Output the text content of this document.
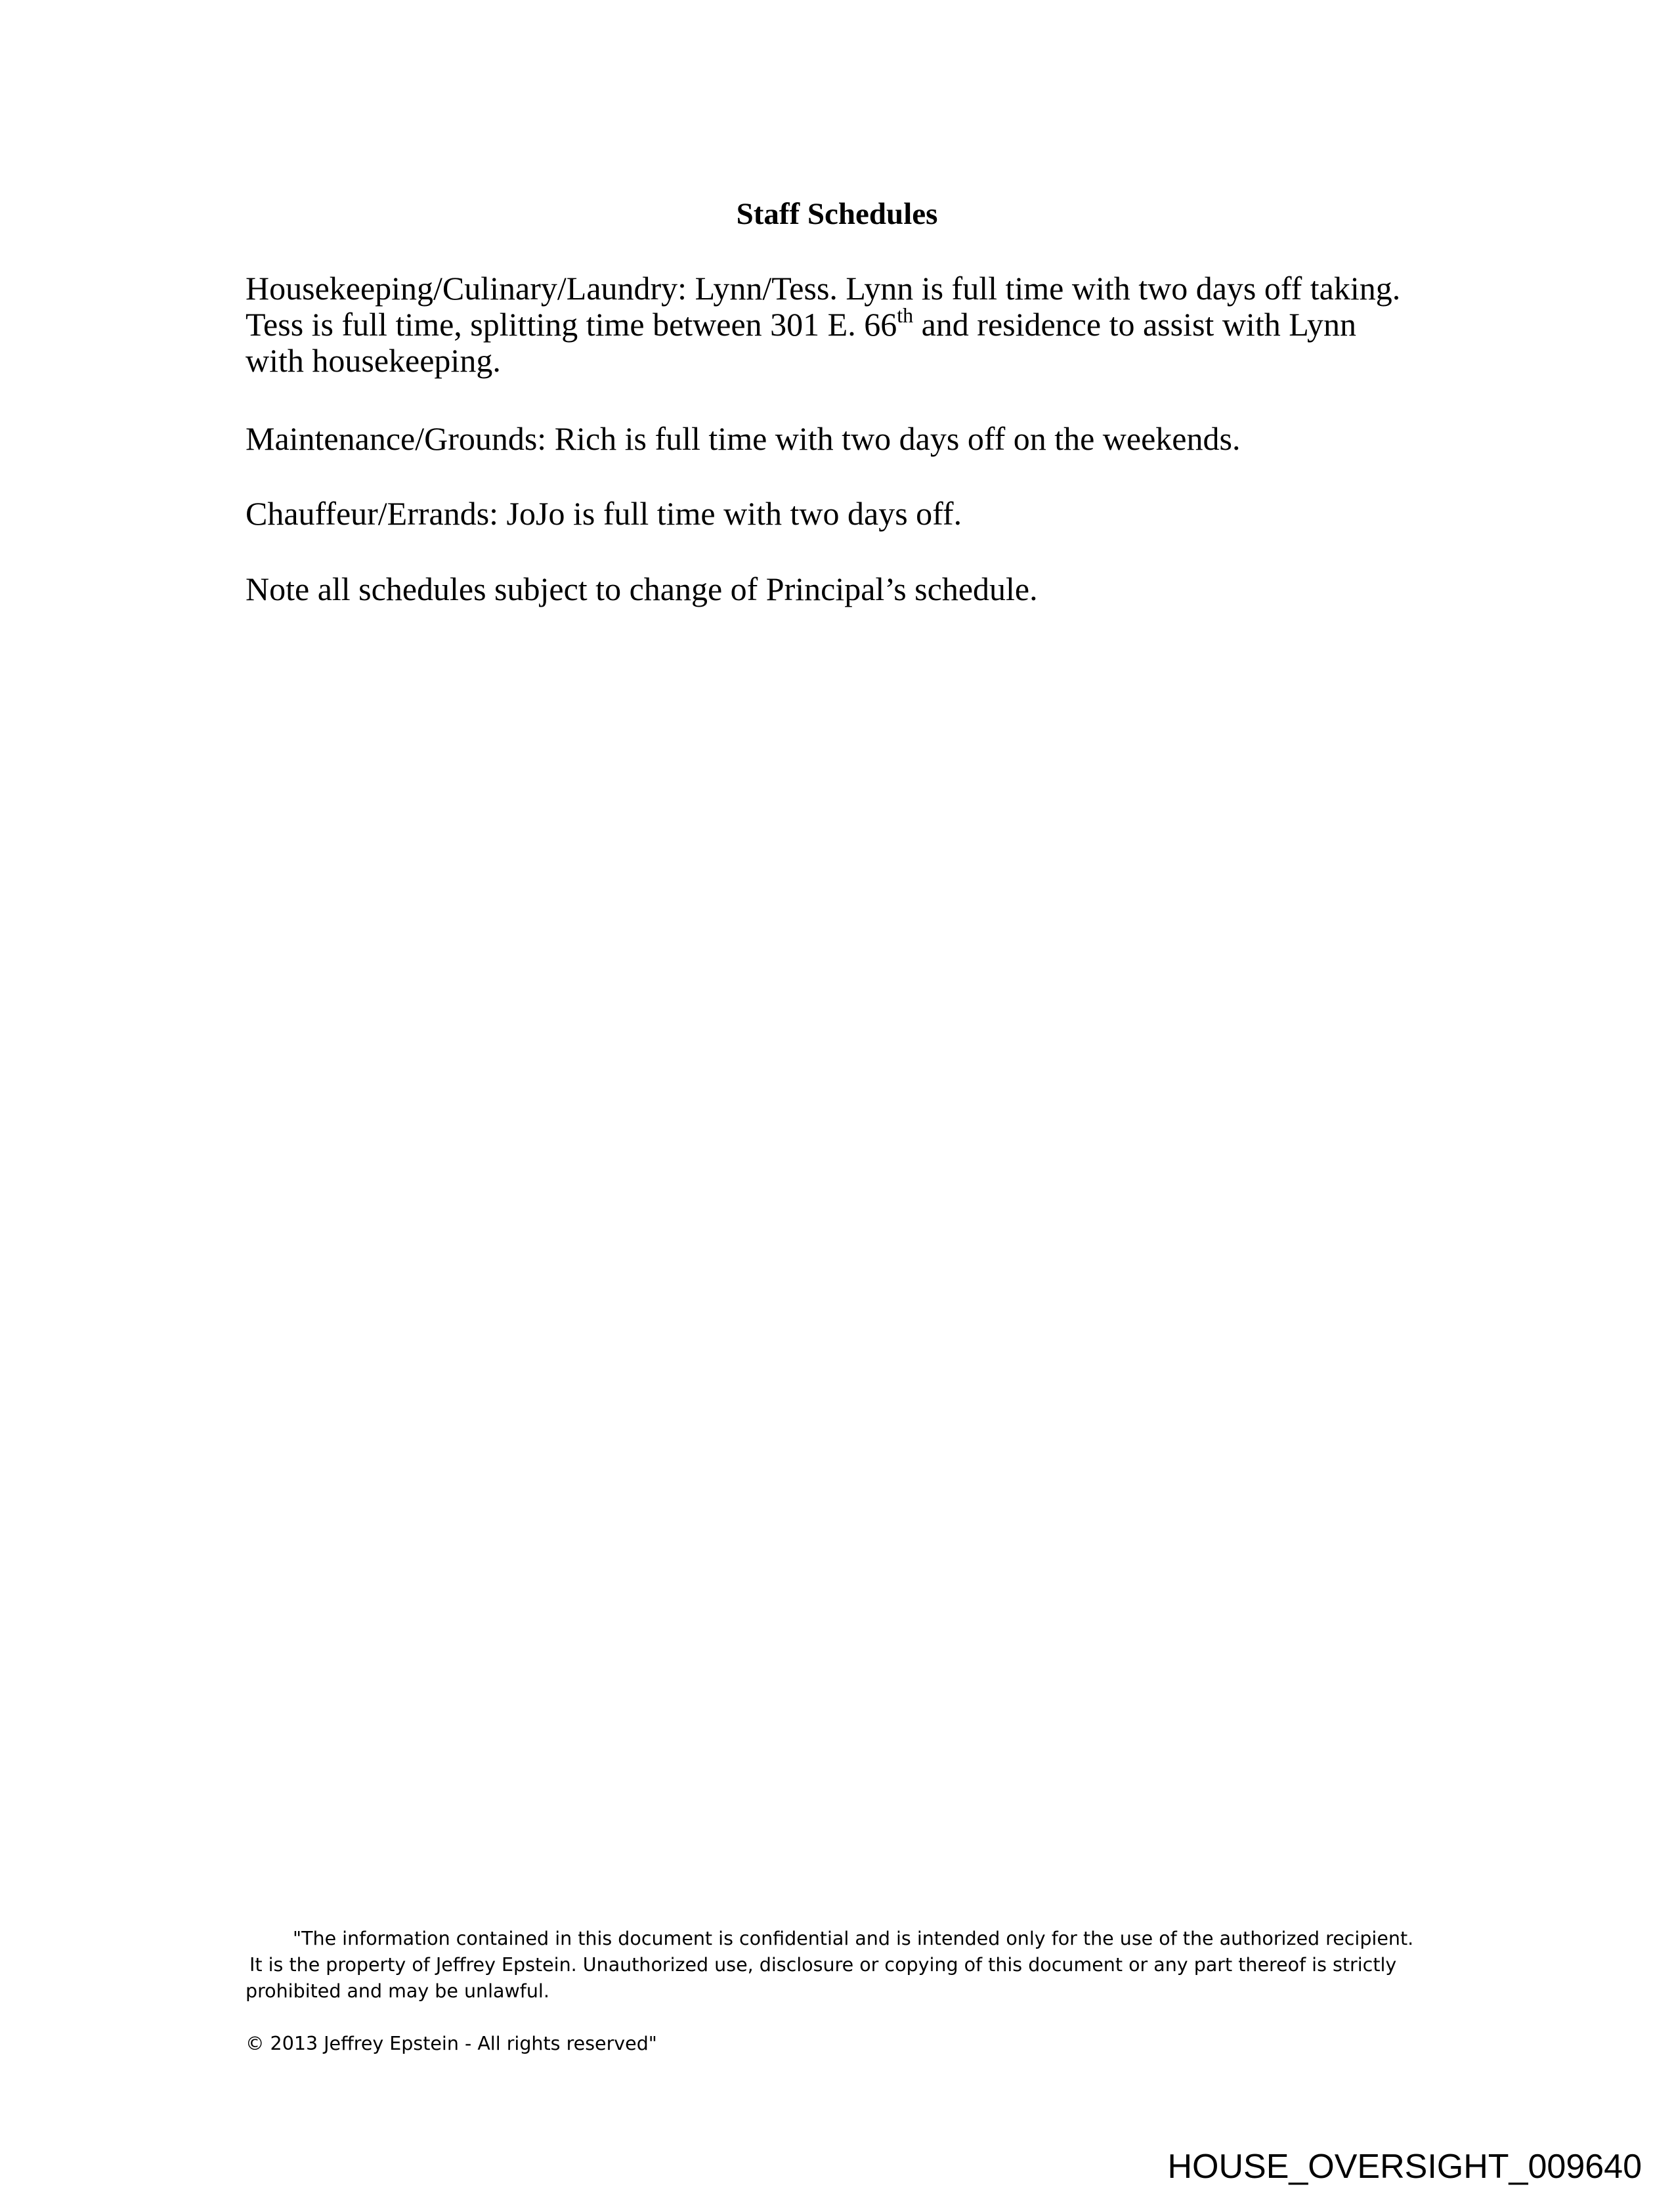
Staff Schedules
Housekeeping/Culinary/Laundry: Lynn/Tess. Lynn is full time with two days off taking.
Tess is full time, splitting time between 301 E. 66th and residence to assist with Lynn
with housekeeping.

Maintenance/Grounds: Rich is full time with two days off on the weekends.

Chauffeur/Errands: JoJo is full time with two days off.

Note all schedules subject to change of Principal’s schedule.

"The information contained in this document is confidential and is intended only for the use of the authorized recipient.

It is the property of Jeffrey Epstein. Unauthorized use, disclosure or copying of this document or any part thereof is strictly

prohibited and may be unlawful.

© 2013 Jeffrey Epstein - All rights reserved"

HOUSE_OVERSIGHT_009640
